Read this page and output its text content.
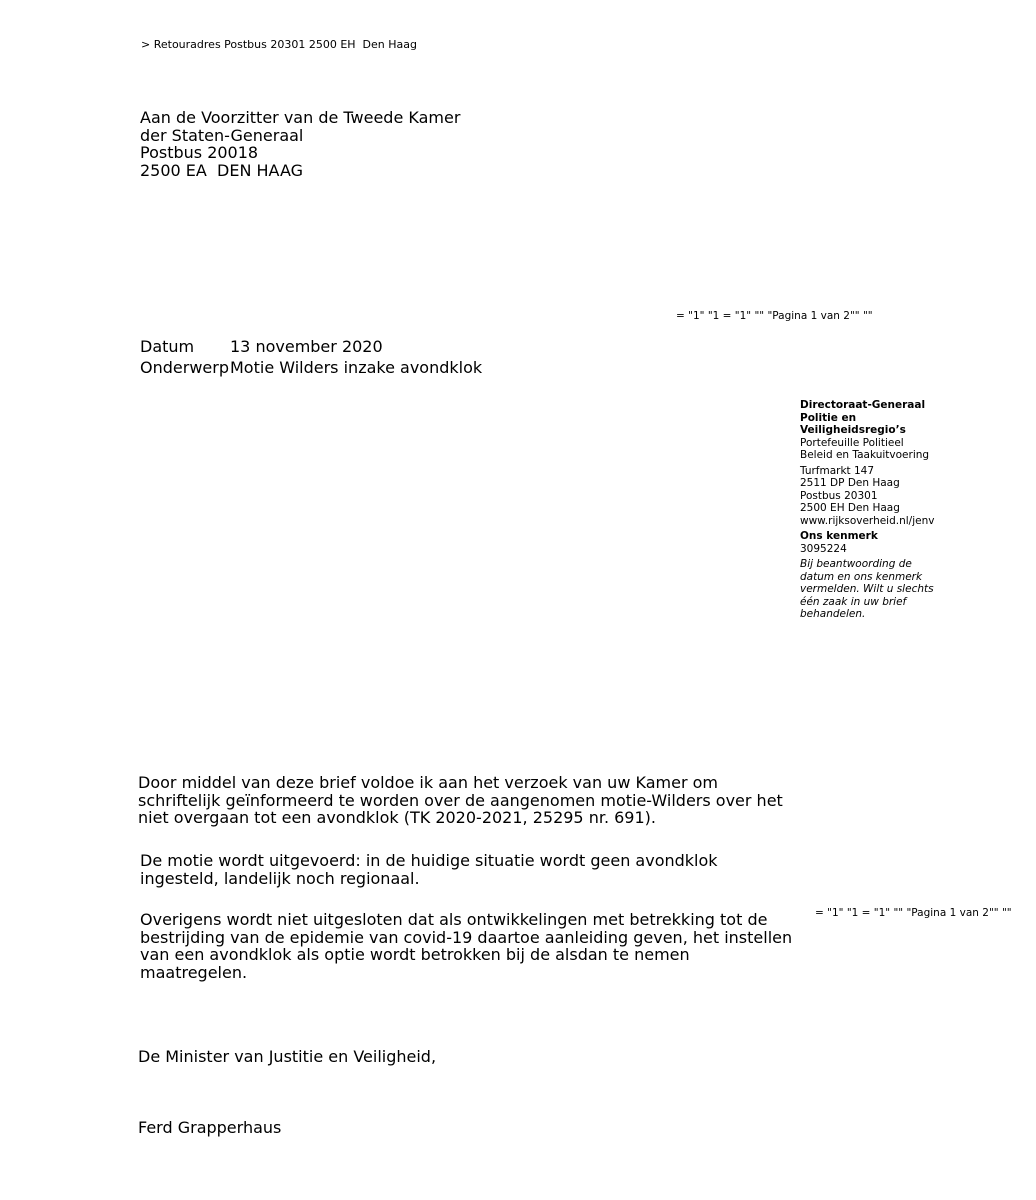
> Retouradres Postbus 20301 2500 EH  Den Haag
Aan de Voorzitter van de Tweede Kamer
der Staten-Generaal
Postbus 20018
2500 EA  DEN HAAG
= "1" "1 = "1" "" "Pagina 1 van 2"" ""
Datum 13 november 2020
OnderwerpMotie Wilders inzake avondklok
Directoraat-Generaal
Politie en
Veiligheidsregio’s
Portefeuille Politieel
Beleid en Taakuitvoering
Turfmarkt 147
2511 DP Den Haag
Postbus 20301
2500 EH Den Haag
www.rijksoverheid.nl/jenv
Ons kenmerk
3095224
Bij beantwoording de
datum en ons kenmerk
vermelden. Wilt u slechts
één zaak in uw brief
behandelen.
Door middel van deze brief voldoe ik aan het verzoek van uw Kamer om schriftelijk geïnformeerd te worden over de aangenomen motie-Wilders over het niet overgaan tot een avondklok (TK 2020-2021, 25295 nr. 691).
De motie wordt uitgevoerd: in de huidige situatie wordt geen avondklok ingesteld, landelijk noch regionaal.
Overigens wordt niet uitgesloten dat als ontwikkelingen met betrekking tot de bestrijding van de epidemie van covid-19 daartoe aanleiding geven, het instellen van een avondklok als optie wordt betrokken bij de alsdan te nemen maatregelen.
= "1" "1 = "1" "" "Pagina 1 van 2"" ""
De Minister van Justitie en Veiligheid,
Ferd Grapperhaus
